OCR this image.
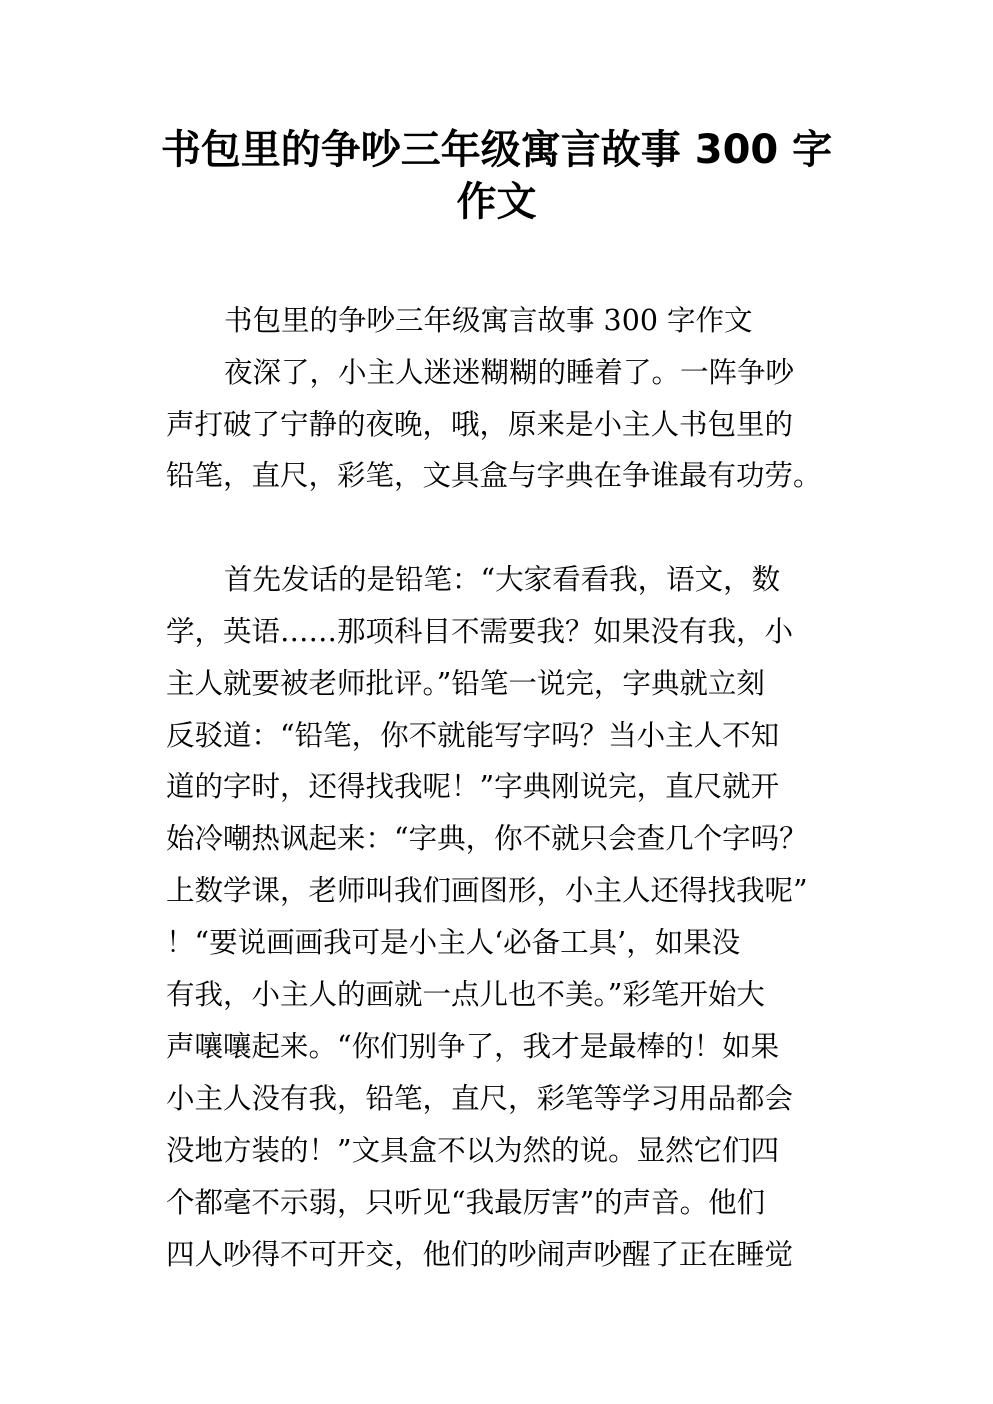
书包里的争吵三年级寓言故事 300 字
作文

书包里的争吵三年级寓言故事 300 字作文

夜深了，小主人迷迷糊糊的睡着了。一阵争吵

声打破了宁静的夜晚，哦，原来是小主人书包里的

铅笔，直尺，彩笔，文具盒与字典在争谁最有功劳。

首先发话的是铅笔：“大家看看我，语文，数

学，英语……那项科目不需要我？如果没有我，小

主人就要被老师批评。”铅笔一说完，字典就立刻

反驳道：“铅笔，你不就能写字吗？当小主人不知

道的字时，还得找我呢！”字典刚说完，直尺就开

始冷嘲热讽起来：“字典，你不就只会查几个字吗？

上数学课，老师叫我们画图形，小主人还得找我呢”

！“要说画画我可是小主人‘必备工具’，如果没

有我，小主人的画就一点儿也不美。”彩笔开始大

声嚷嚷起来。“你们别争了，我才是最棒的！如果

小主人没有我，铅笔，直尺，彩笔等学习用品都会

没地方装的！”文具盒不以为然的说。显然它们四

个都毫不示弱，只听见“我最厉害”的声音。他们

四人吵得不可开交，他们的吵闹声吵醒了正在睡觉
